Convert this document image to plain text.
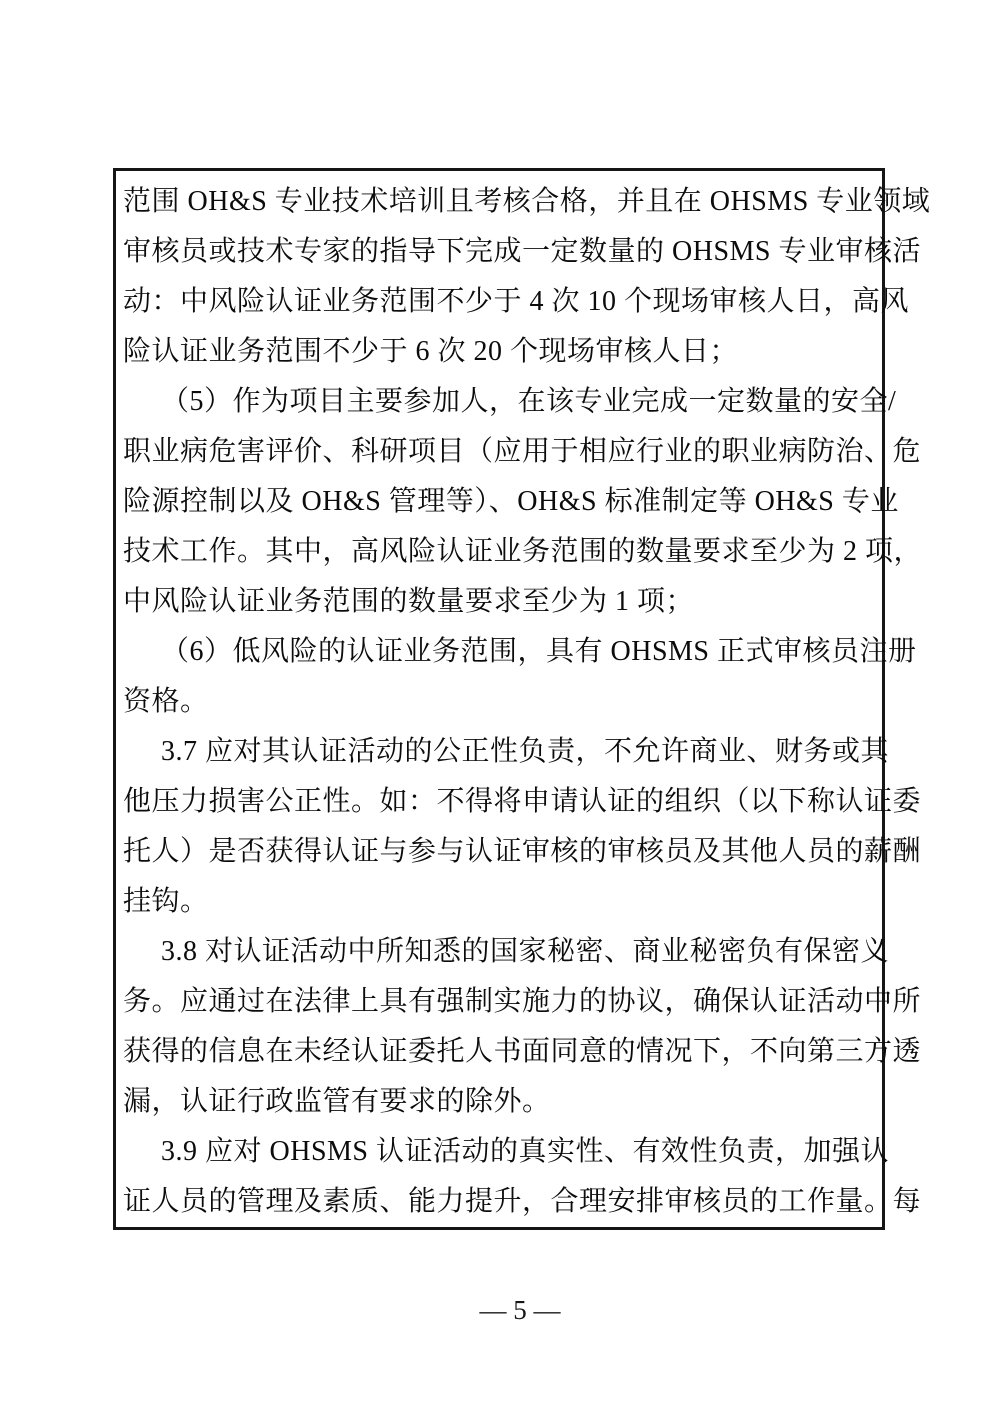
范围 OH&S 专业技术培训且考核合格，并且在 OHSMS 专业领域
审核员或技术专家的指导下完成一定数量的 OHSMS 专业审核活
动：中风险认证业务范围不少于 4 次 10 个现场审核人日，高风
险认证业务范围不少于 6 次 20 个现场审核人日；
（5）作为项目主要参加人，在该专业完成一定数量的安全/
职业病危害评价、科研项目（应用于相应行业的职业病防治、危
险源控制以及 OH&S 管理等）、OH&S 标准制定等 OH&S 专业
技术工作。其中，高风险认证业务范围的数量要求至少为 2 项，
中风险认证业务范围的数量要求至少为 1 项；
（6）低风险的认证业务范围，具有 OHSMS 正式审核员注册
资格。
3.7 应对其认证活动的公正性负责，不允许商业、财务或其
他压力损害公正性。如：不得将申请认证的组织（以下称认证委
托人）是否获得认证与参与认证审核的审核员及其他人员的薪酬
挂钩。
3.8 对认证活动中所知悉的国家秘密、商业秘密负有保密义
务。应通过在法律上具有强制实施力的协议，确保认证活动中所
获得的信息在未经认证委托人书面同意的情况下，不向第三方透
漏，认证行政监管有要求的除外。
3.9 应对 OHSMS 认证活动的真实性、有效性负责，加强认
证人员的管理及素质、能力提升，合理安排审核员的工作量。每
— 5 —
